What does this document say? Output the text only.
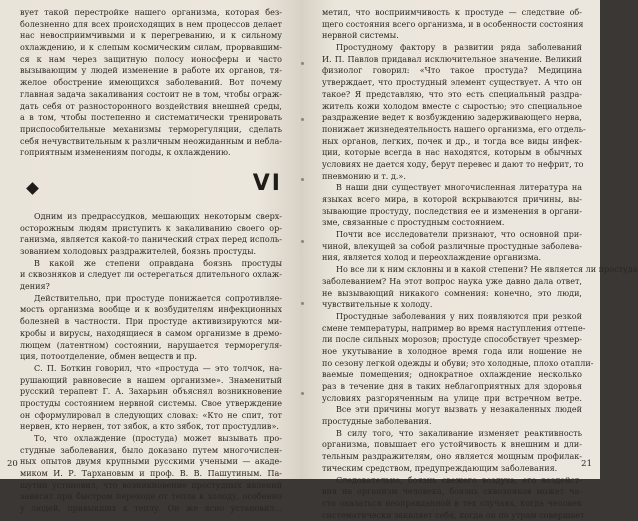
вует такой перестройке нашего организма, которая без-
болезненно для всех происходящих в нем процессов делает
нас невосприимчивыми и к перегреванию, и к сильному
охлаждению, и к слепым космическим силам, прорвавшим-
ся к нам через защитную полосу ионосферы и часто
вызывающим у людей изменение в работе их органов, тя-
желое обострение имеющихся заболеваний. Вот почему
главная задача закаливания состоит не в том, чтобы ограж-
дать себя от разносторонного воздействия внешней среды,
а в том, чтобы постепенно и систематически тренировать
приспособительные механизмы терморегуляции, сделать
себя нечувствительным к различным неожиданным и небла-
гоприятным изменениям погоды, к охлаждению.
VI
Одним из предрассудков, мешающих некоторым сверх-
осторожным людям приступить к закаливанию своего ор-
ганизма, является какой-то панический страх перед исполь-
зованием холодовых раздражителей, боязнь простуды.
В какой же степени оправдана боязнь простуды
и сквозняков и следует ли остерегаться длительного охлаж-
дения?
Действительно, при простуде понижается сопротивляе-
мость организма вообще и к возбудителям инфекционных
болезней в частности. При простуде активизируются ми-
кробы и вирусы, находящиеся в самом организме в дремо-
лющем (латентном) состоянии, нарушается терморегуля-
ция, потоотделение, обмен веществ и пр.
С. П. Боткин говорил, что «простуда — это толчок, на-
рушающий равновесие в нашем организме». Знаменитый
русский терапевт Г. А. Захарьин объяснял возникновение
простуды состоянием нервной системы. Свое утверждение
он сформулировал в следующих словах: «Кто не спит, тот
нервен, кто нервен, тот зябок, а кто зябок, тот простудлив».
То, что охлаждение (простуда) может вызывать про-
студные заболевания, было доказано путем многочислен-
ных опытов двумя крупными русскими учеными — акаде-
миком И. Р. Тархановым и проф. В. В. Пашутиным. Па-
шутин установил, что возникновение простудных явлений
зависит при быстром переходе от тепла к холоду, особенно
у людей, привыкших к теплу. Он же ясно установил...
20
метил, что восприимчивость к простуде — следствие об-
щего состояния всего организма, и в особенности состояния
нервной системы.
Простудному фактору в развитии ряда заболеваний
И. П. Павлов придавал исключительное значение. Великий
физиолог говорил: «Что такое простуда? Медицина
утверждает, что простудный элемент существует. А что он
такое? Я представляю, что это есть специальный раздра-
житель кожи холодом вместе с сыростью; это специальное
раздражение ведет к возбуждению задерживающего нерва,
понижает жизнедеятельность нашего организма, его отдель-
ных органов, легких, почек и др., и тогда все виды инфек-
ции, которые всегда в нас находятся, которым в обычных
условиях не дается ходу, берут перевес и дают то нефрит, то
пневмонию и т. д.».
В наши дни существует многочисленная литература на
языках всего мира, в которой вскрываются причины, вы-
зывающие простуду, последствия ее и изменения в органи-
зме, связанные с простудным состоянием.
Почти все исследователи признают, что основной при-
чиной, влекущей за собой различные простудные заболева-
ния, является холод и переохлаждение организма.
Но все ли к ним склонны и в какой степени? Не является ли простуда
заболеванием? На этот вопрос наука уже давно дала ответ,
не вызывающий никакого сомнения: конечно, это люди,
чувствительные к холоду.
Простудные заболевания у них появляются при резкой
смене температуры, например во время наступления оттепе-
ли после сильных морозов; простуде способствует чрезмер-
ное укутывание в холодное время года или ношение не
по сезону легкой одежды и обуви; это холодные, плохо отапли-
ваемые помещения; однократное охлаждение несколько
раз в течение дня в таких неблагоприятных для здоровья
условиях разгоряченным на улице при встречном ветре.
Все эти причины могут вызвать у незакаленных людей
простудные заболевания.
В силу того, что закаливание изменяет реактивность
организма, повышает его устойчивость к внешним и дли-
тельным раздражителям, оно является мощным профилак-
тическим средством, предупреждающим заболевания.
Следовательно, боязнь свежего воздуха, его воздейст-
вия на организм человека, боязнь сквозняков может ча-
сто оказаться неоправданной в тех случаях, когда человек
систематически закаляет себя, когда он по утрам совершает
21
